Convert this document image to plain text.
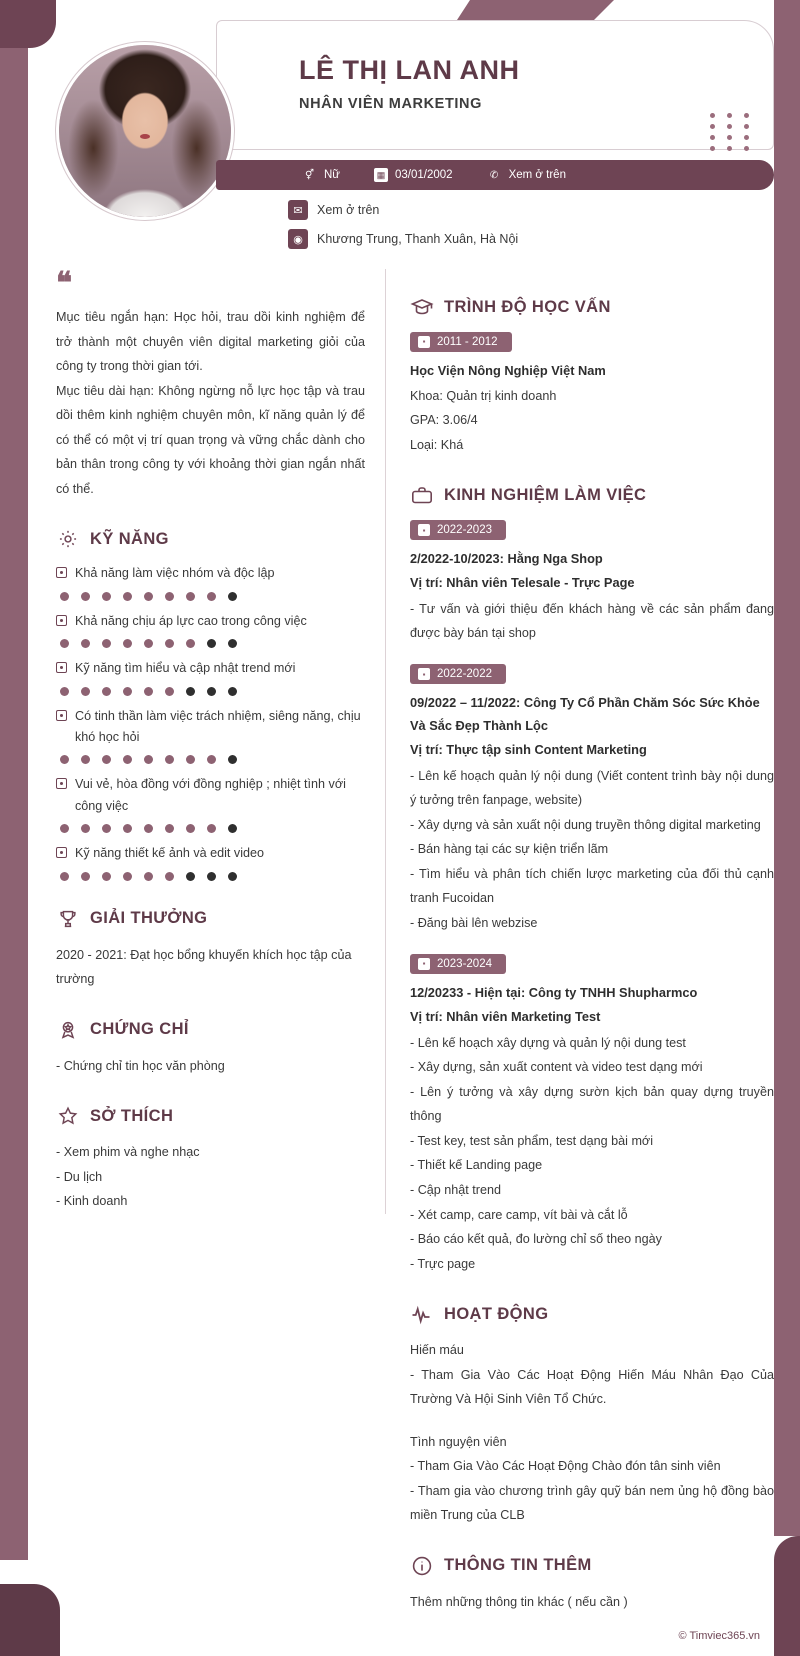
LÊ THỊ LAN ANH
NHÂN VIÊN MARKETING
⚥ Nữ	▦ 03/01/2002	✆ Xem ở trên
✉	Xem ở trên
◉	Khương Trung, Thanh Xuân, Hà Nội
❝

Mục tiêu ngắn hạn: Học hỏi, trau dồi kinh nghiệm để trở thành một chuyên viên digital marketing giỏi của công ty trong thời gian tới.

Mục tiêu dài hạn: Không ngừng nỗ lực học tập và trau dồi thêm kinh nghiệm chuyên môn, kĩ năng quản lý để có thể có một vị trí quan trọng và vững chắc dành cho bản thân trong công ty với khoảng thời gian ngắn nhất có thể.

KỸ NĂNG
Khả năng làm việc nhóm và độc lập
Khả năng chịu áp lực cao trong công việc
Kỹ năng tìm hiểu và cập nhật trend mới
Có tinh thần làm việc trách nhiệm, siêng năng, chịu khó học hỏi
Vui vẻ, hòa đồng với đồng nghiệp ; nhiệt tình với công việc
Kỹ năng thiết kế ảnh và edit video
GIẢI THƯỞNG
2020 - 2021: Đạt học bổng khuyến khích học tập của trường
CHỨNG CHỈ
- Chứng chỉ tin học văn phòng
SỞ THÍCH
- Xem phim và nghe nhạc
- Du lịch
- Kinh doanh
TRÌNH ĐỘ HỌC VẤN
▪	2011 - 2012
Học Viện Nông Nghiệp Việt Nam
Khoa: Quản trị kinh doanh
GPA: 3.06/4
Loại: Khá
KINH NGHIỆM LÀM VIỆC
▪	2022-2023
2/2022-10/2023: Hằng Nga Shop
Vị trí: Nhân viên Telesale - Trực Page
- Tư vấn và giới thiệu đến khách hàng về các sản phẩm đang được bày bán tại shop
▪	2022-2022
09/2022 – 11/2022: Công Ty Cổ Phần Chăm Sóc Sức Khỏe Và Sắc Đẹp Thành Lộc
Vị trí: Thực tập sinh Content Marketing
- Lên kế hoạch quản lý nội dung (Viết content trình bày nội dung ý tưởng trên fanpage, website)
- Xây dựng và sản xuất nội dung truyền thông digital marketing
- Bán hàng tại các sự kiện triển lãm
- Tìm hiểu và phân tích chiến lược marketing của đối thủ cạnh tranh Fucoidan
- Đăng bài lên webzise
▪	2023-2024
12/20233 - Hiện tại: Công ty TNHH Shupharmco
Vị trí: Nhân viên Marketing Test
- Lên kế hoạch xây dựng và quản lý nội dung test
- Xây dựng, sản xuất content và video test dạng mới
- Lên ý tưởng và xây dựng sườn kịch bản quay dựng truyền thông
- Test key, test sản phẩm, test dạng bài mới
- Thiết kế Landing page
- Cập nhật trend
- Xét camp, care camp, vít bài và cắt lỗ
- Báo cáo kết quả, đo lường chỉ số theo ngày
- Trực page
HOẠT ĐỘNG
Hiến máu
- Tham Gia Vào Các Hoạt Động Hiến Máu Nhân Đạo Của Trường Và Hội Sinh Viên Tổ Chức.
Tình nguyện viên
- Tham Gia Vào Các Hoạt Động Chào đón tân sinh viên
- Tham gia vào chương trình gây quỹ bán nem ủng hộ đồng bào miền Trung của CLB
THÔNG TIN THÊM
Thêm những thông tin khác ( nếu cần )
© Timviec365.vn
